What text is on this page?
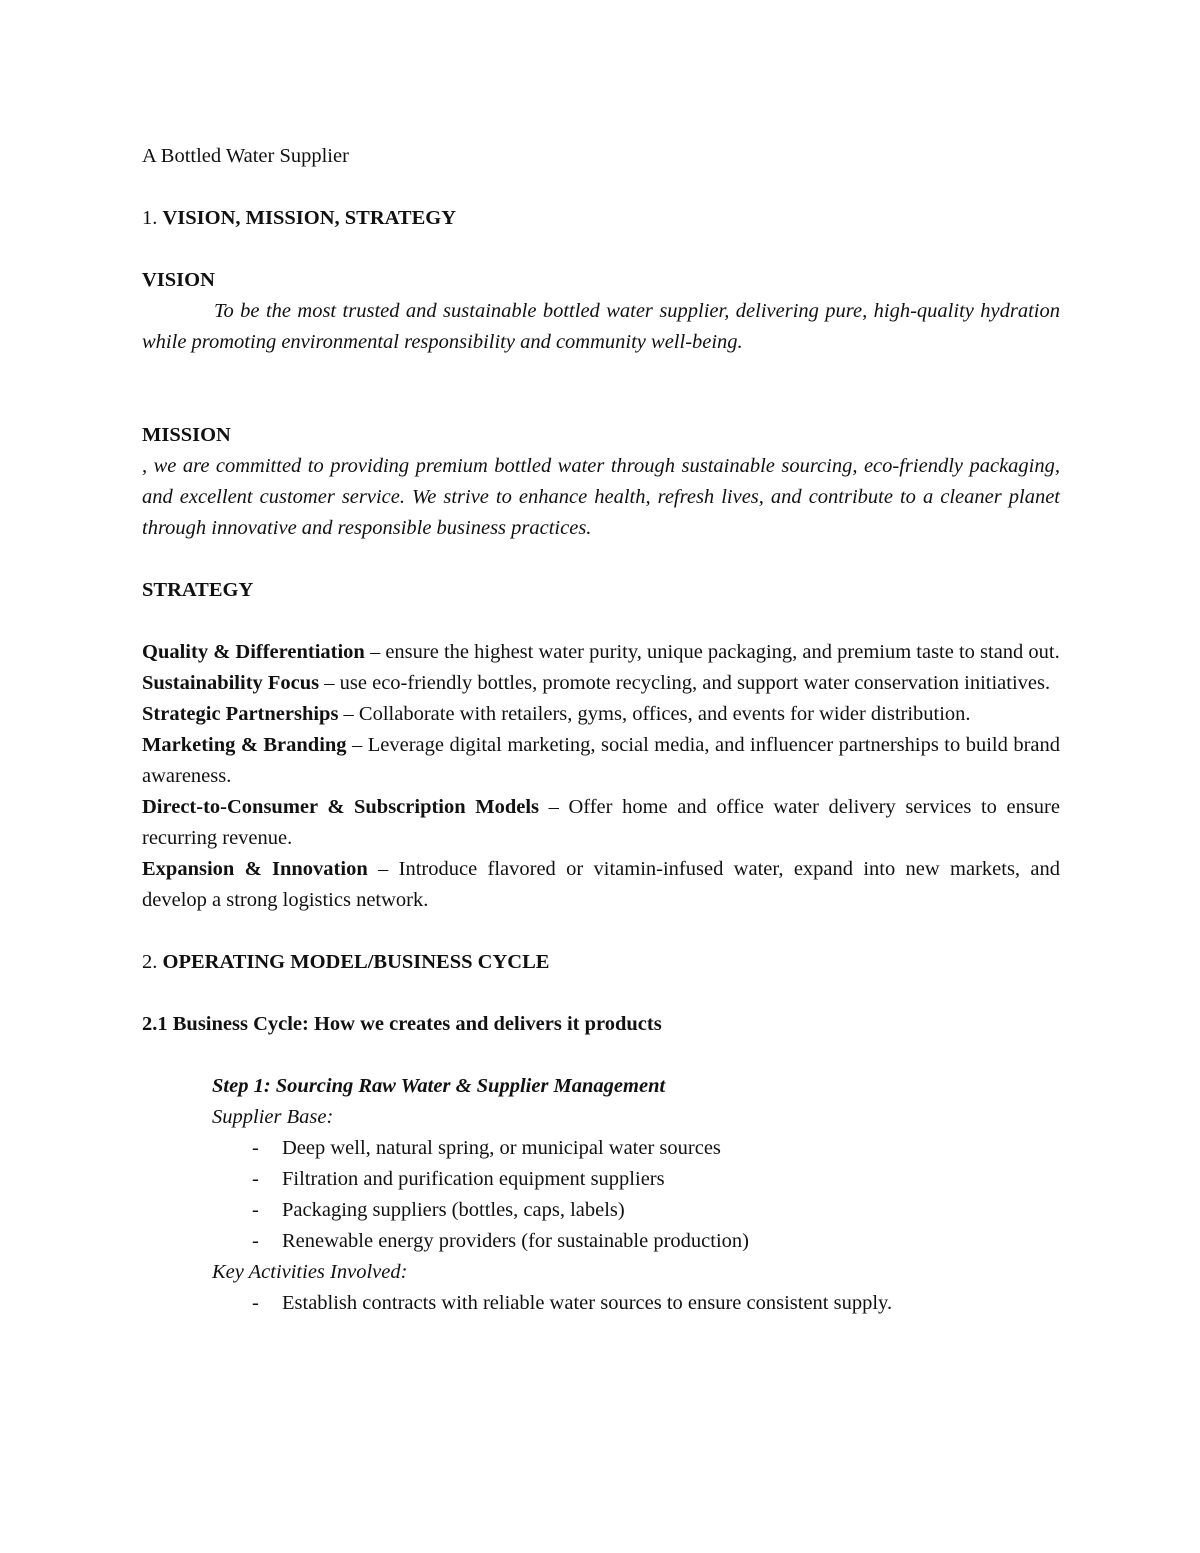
A Bottled Water Supplier

1. VISION, MISSION, STRATEGY

VISION

To be the most trusted and sustainable bottled water supplier, delivering pure, high-quality hydration while promoting environmental responsibility and community well-being.

MISSION

, we are committed to providing premium bottled water through sustainable sourcing, eco-friendly packaging, and excellent customer service. We strive to enhance health, refresh lives, and contribute to a cleaner planet through innovative and responsible business practices.

STRATEGY

Quality & Differentiation – ensure the highest water purity, unique packaging, and premium taste to stand out.

Sustainability Focus – use eco-friendly bottles, promote recycling, and support water conservation initiatives.

Strategic Partnerships – Collaborate with retailers, gyms, offices, and events for wider distribution.

Marketing & Branding – Leverage digital marketing, social media, and influencer partnerships to build brand awareness.

Direct-to-Consumer & Subscription Models – Offer home and office water delivery services to ensure recurring revenue.

Expansion & Innovation – Introduce flavored or vitamin-infused water, expand into new markets, and develop a strong logistics network.

2. OPERATING MODEL/BUSINESS CYCLE

2.1 Business Cycle: How we creates and delivers it products

Step 1: Sourcing Raw Water & Supplier Management

Supplier Base:

- Deep well, natural spring, or municipal water sources
- Filtration and purification equipment suppliers
- Packaging suppliers (bottles, caps, labels)
- Renewable energy providers (for sustainable production)

Key Activities Involved:

- Establish contracts with reliable water sources to ensure consistent supply.
